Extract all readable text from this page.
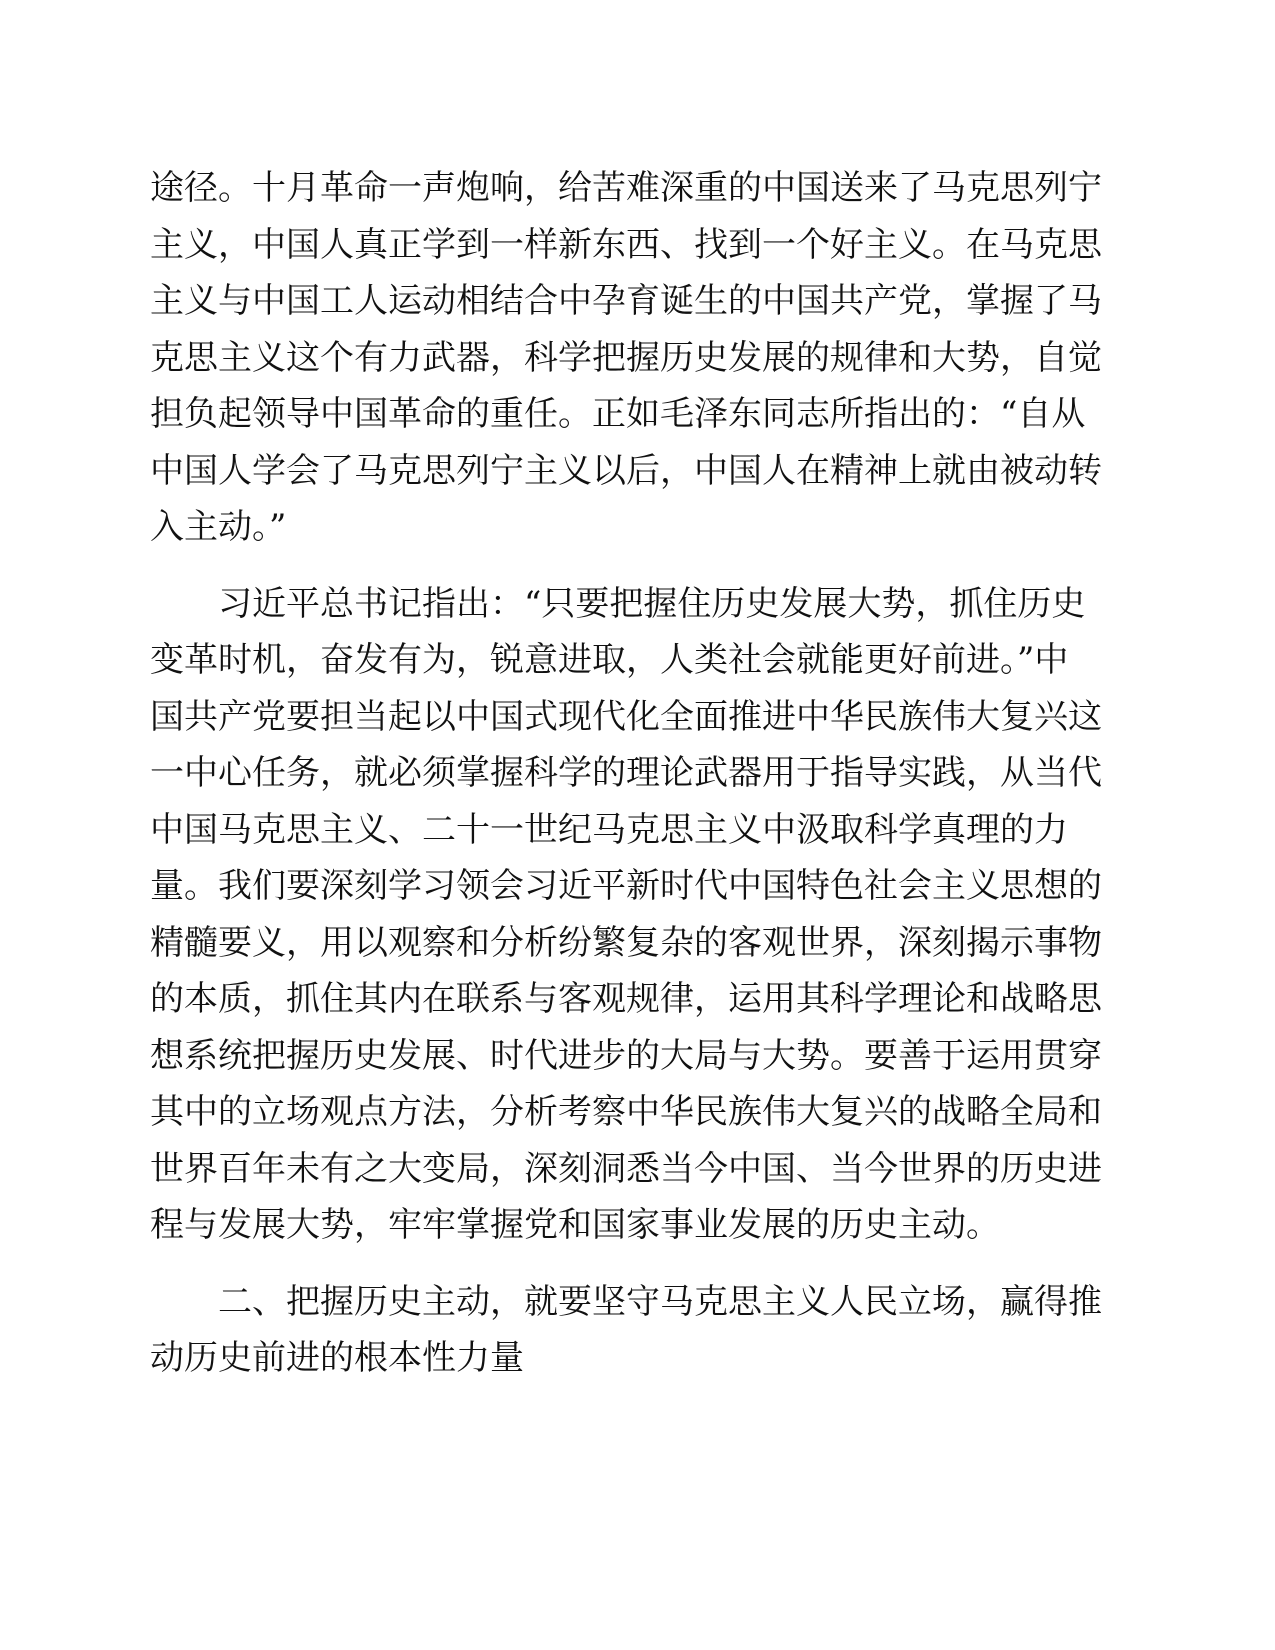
途径。十月革命一声炮响，给苦难深重的中国送来了马克思列宁
主义，中国人真正学到一样新东西、找到一个好主义。在马克思
主义与中国工人运动相结合中孕育诞生的中国共产党，掌握了马
克思主义这个有力武器，科学把握历史发展的规律和大势，自觉
担负起领导中国革命的重任。正如毛泽东同志所指出的：“自从
中国人学会了马克思列宁主义以后，中国人在精神上就由被动转
入主动。”
习近平总书记指出：“只要把握住历史发展大势，抓住历史
变革时机，奋发有为，锐意进取，人类社会就能更好前进。”中
国共产党要担当起以中国式现代化全面推进中华民族伟大复兴这
一中心任务，就必须掌握科学的理论武器用于指导实践，从当代
中国马克思主义、二十一世纪马克思主义中汲取科学真理的力
量。我们要深刻学习领会习近平新时代中国特色社会主义思想的
精髓要义，用以观察和分析纷繁复杂的客观世界，深刻揭示事物
的本质，抓住其内在联系与客观规律，运用其科学理论和战略思
想系统把握历史发展、时代进步的大局与大势。要善于运用贯穿
其中的立场观点方法，分析考察中华民族伟大复兴的战略全局和
世界百年未有之大变局，深刻洞悉当今中国、当今世界的历史进
程与发展大势，牢牢掌握党和国家事业发展的历史主动。
二、把握历史主动，就要坚守马克思主义人民立场，赢得推
动历史前进的根本性力量
